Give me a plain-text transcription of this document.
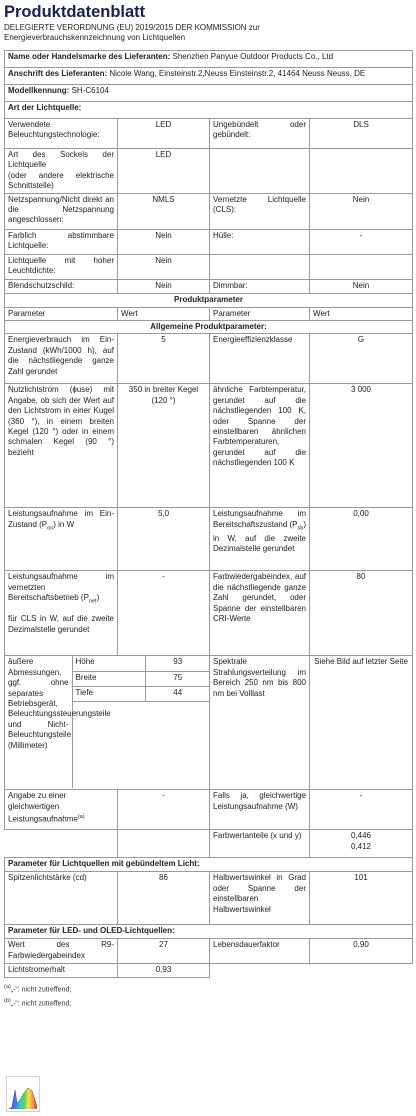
Produktdatenblatt
DELEGIERTE VERORDNUNG (EU) 2019/2015 DER KOMMISSION zur
Energieverbrauchskennzeichnung von Lichtquellen
Name oder Handelsmarke des Lieferanten: Shenzhen Panyue Outdoor Products Co., Ltd
Anschrift des Lieferanten: Nicole Wang, Einsteinstr.2,Neuss Einsteinstr.2, 41464 Neuss Neuss, DE
Modellkennung: SH-C6104
Art der Lichtquelle:
Verwendete Beleuchtungstechnologie:	LED	Ungebündelt oder gebündelt:	DLS

Art des Sockels der Lichtquelle
(oder andere elektrische Schnittstelle)
	LED		
Netzspannung/Nicht direkt an die Netzspannung angeschlossen:	NMLS	Vernetzte Lichtquelle (CLS):	Nein
Farblich abstimmbare Lichtquelle:	Nein	Hülle:	-
Lichtquelle mit hoher Leuchtdichte:	Nein		
Blendschutzschild:	Nein	Dimmbar:	Nein
Produktparameter
Parameter	Wert	Parameter	Wert
Allgemeine Produktparameter:
Energieverbrauch im Ein-Zustand (kWh/1000 h), auf die nächstliegende ganze Zahl gerundet	5	Energieeffizienzklasse	G
Nutzlichtstrom (ɸuse) mit Angabe, ob sich der Wert auf den Lichtstrom in einer Kugel (360 °), in einem breiten Kegel (120 °) oder in einem schmalen Kegel (90 °) bezieht	350 in breiter Kegel (120 °)	ähnliche Farbtemperatur, gerundet auf die nächstliegenden 100 K, oder Spanne der einstellbaren ähnlichen Farbtemperaturen, gerundet auf die nächstliegenden 100 K	3 000
Leistungsaufnahme im Ein-Zustand $(P_{on})$ in W	5,0	Leistungsaufnahme im Bereitschaftszustand $(P_{sb})$ in W, auf die zweite Dezimalstelle gerundet	0,00

Leistungsaufnahme im vernetzten Bereitschaftsbetrieb $(P_{net})$
für CLS in W, auf die zweite Dezimalstelle gerundet
	-	Farbwiedergabeindex, auf die nächstliegende ganze Zahl gerundet, oder Spanne der einstellbaren CRI-Werte	80

äußere Abmessungen, ggf. ohne separates Betriebsgerät, Beleuchtungssteuerungsteile und Nicht-Beleuchtungsteile (Millimeter)	Höhe	93
Breite	75
Tiefe	44

	Spektrale Strahlungsverteilung im Bereich 250 nm bis 800 nm bei Volllast	Siehe Bild auf letzter Seite
Angabe zu einer gleichwertigen Leistungsaufnahme$^{(a)}$	-	Falls ja, gleichwertige Leistungsaufnahme (W)	-
		Farbwertanteile (x und y)	0,446
0,412

Parameter für Lichtquellen mit gebündeltem Licht:
Spitzenlichtstärke (cd)	86	Halbwertswinkel in Grad oder Spanne der einstellbaren Halbwertswinkel	101
Parameter für LED- und OLED-Lichtquellen:
Wert des R9-Farbwiedergabeindex	27	Lebensdauerfaktor	0,90
Lichtstromerhalt	0,93		
$^{(a)}$„-“: nicht zutreffend;
$^{(b)}$„-“: nicht zutreffend;
